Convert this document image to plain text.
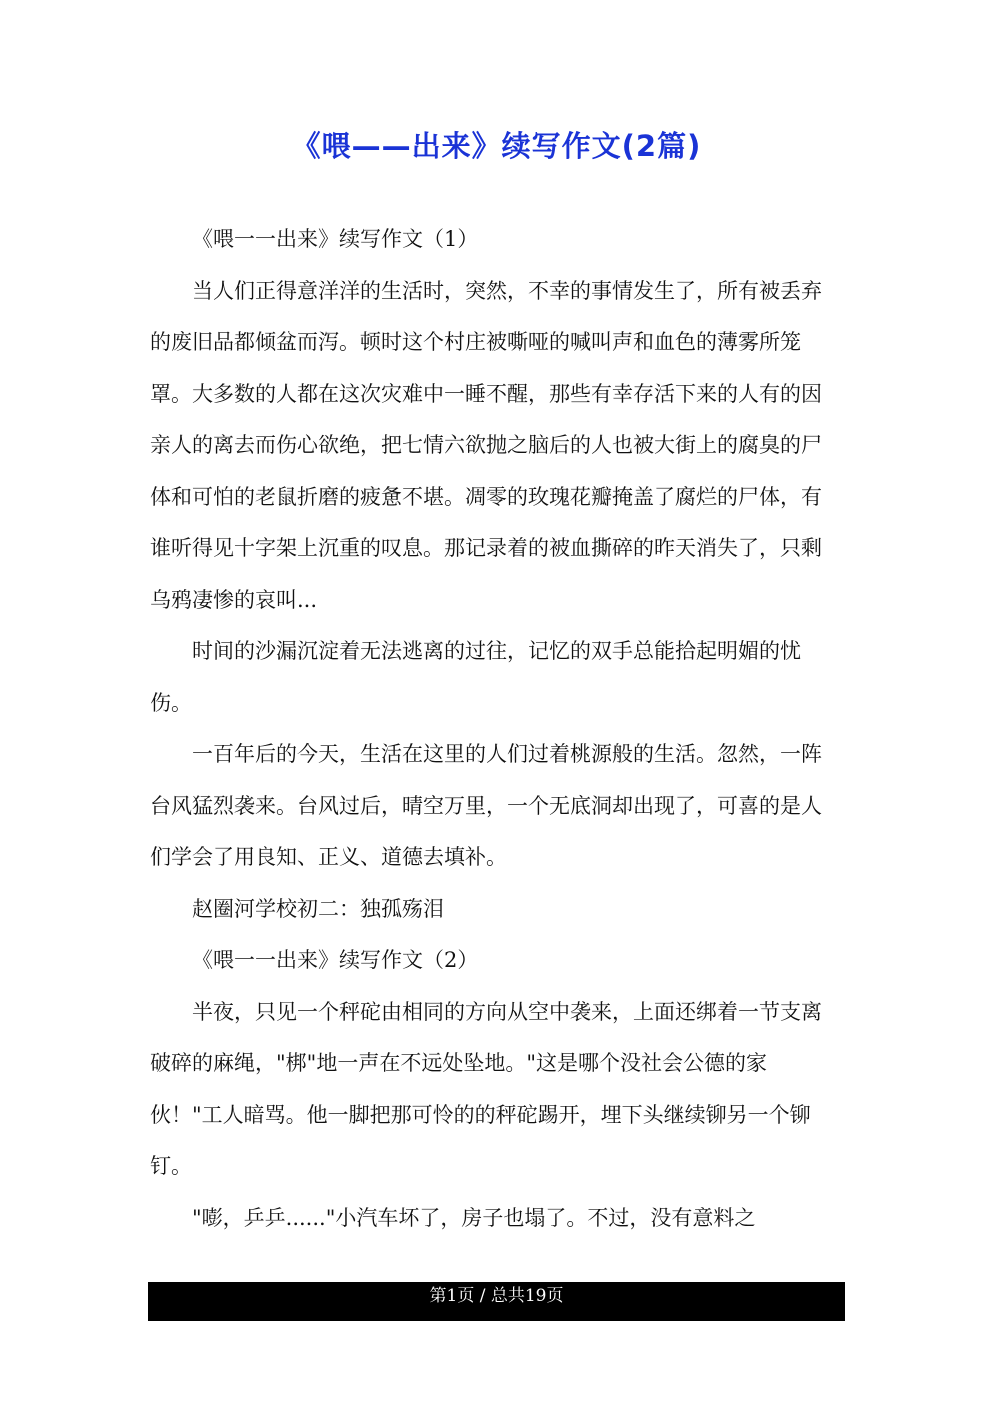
《喂——出来》续写作文(2篇)

《喂一一出来》续写作文（1）

当人们正得意洋洋的生活时，突然，不幸的事情发生了，所有被丢弃的废旧品都倾盆而泻。顿时这个村庄被嘶哑的喊叫声和血色的薄雾所笼罩。大多数的人都在这次灾难中一睡不醒，那些有幸存活下来的人有的因亲人的离去而伤心欲绝，把七情六欲抛之脑后的人也被大街上的腐臭的尸体和可怕的老鼠折磨的疲惫不堪。凋零的玫瑰花瓣掩盖了腐烂的尸体，有谁听得见十字架上沉重的叹息。那记录着的被血撕碎的昨天消失了，只剩乌鸦凄惨的哀叫...

时间的沙漏沉淀着无法逃离的过往，记忆的双手总能拾起明媚的忧伤。

一百年后的今天，生活在这里的人们过着桃源般的生活。忽然，一阵台风猛烈袭来。台风过后，晴空万里，一个无底洞却出现了，可喜的是人们学会了用良知、正义、道德去填补。

赵圈河学校初二：独孤殇泪

《喂一一出来》续写作文（2）

半夜，只见一个秤砣由相同的方向从空中袭来，上面还绑着一节支离破碎的麻绳，"梆"地一声在不远处坠地。"这是哪个没社会公德的家伙！"工人暗骂。他一脚把那可怜的的秤砣踢开，埋下头继续铆另一个铆钉。

"嘭，乒乒......"小汽车坏了，房子也塌了。不过，没有意料之

第1页 / 总共19页
